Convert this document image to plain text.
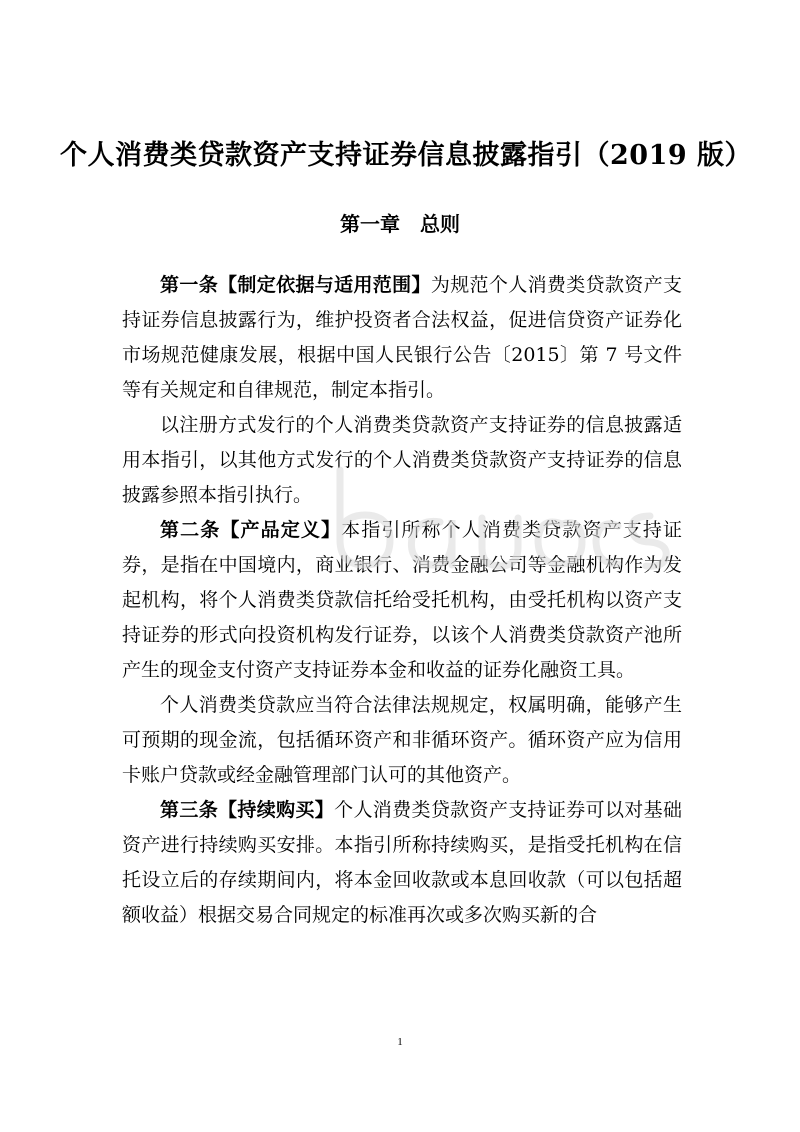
个人消费类贷款资产支持证券信息披露指引（2019 版）
第一章　总则

第一条【制定依据与适用范围】为规范个人消费类贷款资产支持证券信息披露行为，维护投资者合法权益，促进信贷资产证券化市场规范健康发展，根据中国人民银行公告〔2015〕第 7 号文件等有关规定和自律规范，制定本指引。

以注册方式发行的个人消费类贷款资产支持证券的信息披露适用本指引，以其他方式发行的个人消费类贷款资产支持证券的信息披露参照本指引执行。

第二条【产品定义】本指引所称个人消费类贷款资产支持证券，是指在中国境内，商业银行、消费金融公司等金融机构作为发起机构，将个人消费类贷款信托给受托机构，由受托机构以资产支持证券的形式向投资机构发行证券，以该个人消费类贷款资产池所产生的现金支付资产支持证券本金和收益的证券化融资工具。

个人消费类贷款应当符合法律法规规定，权属明确，能够产生可预期的现金流，包括循环资产和非循环资产。循环资产应为信用卡账户贷款或经金融管理部门认可的其他资产。

第三条【持续购买】个人消费类贷款资产支持证券可以对基础资产进行持续购买安排。本指引所称持续购买，是指受托机构在信托设立后的存续期间内，将本金回收款或本息回收款（可以包括超额收益）根据交易合同规定的标准再次或多次购买新的合

1
